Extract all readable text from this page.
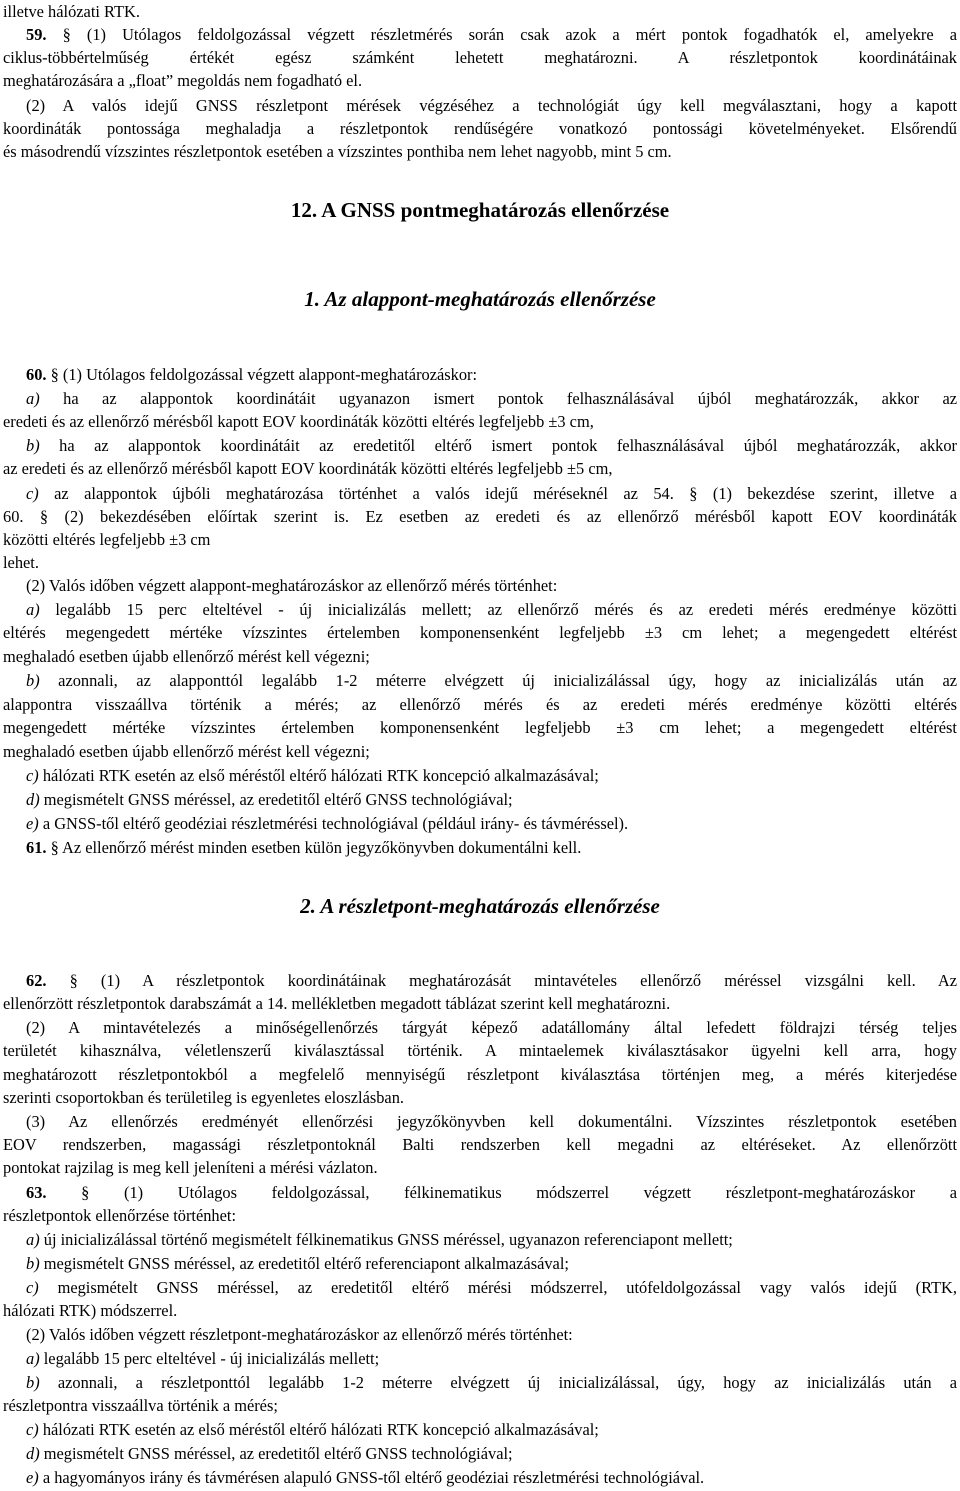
illetve hálózati RTK.
59. § (1) Utólagos feldolgozással végzett részletmérés során csak azok a mért pontok fogadhatók el, amelyekre a
ciklus-többértelműség értékét egész számként lehetett meghatározni. A részletpontok koordinátáinak
meghatározására a „float” megoldás nem fogadható el.
(2) A valós idejű GNSS részletpont mérések végzéséhez a technológiát úgy kell megválasztani, hogy a kapott
koordináták pontossága meghaladja a részletpontok rendűségére vonatkozó pontossági követelményeket. Elsőrendű
és másodrendű vízszintes részletpontok esetében a vízszintes ponthiba nem lehet nagyobb, mint 5 cm.
12. A GNSS pontmeghatározás ellenőrzése
1. Az alappont-meghatározás ellenőrzése
60. § (1) Utólagos feldolgozással végzett alappont-meghatározáskor:
a) ha az alappontok koordinátáit ugyanazon ismert pontok felhasználásával újból meghatározzák, akkor az
eredeti és az ellenőrző mérésből kapott EOV koordináták közötti eltérés legfeljebb ±3 cm,
b) ha az alappontok koordinátáit az eredetitől eltérő ismert pontok felhasználásával újból meghatározzák, akkor
az eredeti és az ellenőrző mérésből kapott EOV koordináták közötti eltérés legfeljebb ±5 cm,
c) az alappontok újbóli meghatározása történhet a valós idejű méréseknél az 54. § (1) bekezdése szerint, illetve a
60. § (2) bekezdésében előírtak szerint is. Ez esetben az eredeti és az ellenőrző mérésből kapott EOV koordináták
közötti eltérés legfeljebb ±3 cm
lehet.
(2) Valós időben végzett alappont-meghatározáskor az ellenőrző mérés történhet:
a) legalább 15 perc elteltével - új inicializálás mellett; az ellenőrző mérés és az eredeti mérés eredménye közötti
eltérés megengedett mértéke vízszintes értelemben komponensenként legfeljebb ±3 cm lehet; a megengedett eltérést
meghaladó esetben újabb ellenőrző mérést kell végezni;
b) azonnali, az alapponttól legalább 1-2 méterre elvégzett új inicializálással úgy, hogy az inicializálás után az
alappontra visszaállva történik a mérés; az ellenőrző mérés és az eredeti mérés eredménye közötti eltérés
megengedett mértéke vízszintes értelemben komponensenként legfeljebb ±3 cm lehet; a megengedett eltérést
meghaladó esetben újabb ellenőrző mérést kell végezni;
c) hálózati RTK esetén az első méréstől eltérő hálózati RTK koncepció alkalmazásával;
d) megismételt GNSS méréssel, az eredetitől eltérő GNSS technológiával;
e) a GNSS-től eltérő geodéziai részletmérési technológiával (például irány- és távméréssel).
61. § Az ellenőrző mérést minden esetben külön jegyzőkönyvben dokumentálni kell.
2. A részletpont-meghatározás ellenőrzése
62. § (1) A részletpontok koordinátáinak meghatározását mintavételes ellenőrző méréssel vizsgálni kell. Az
ellenőrzött részletpontok darabszámát a 14. mellékletben megadott táblázat szerint kell meghatározni.
(2) A mintavételezés a minőségellenőrzés tárgyát képező adatállomány által lefedett földrajzi térség teljes
területét kihasználva, véletlenszerű kiválasztással történik. A mintaelemek kiválasztásakor ügyelni kell arra, hogy
meghatározott részletpontokból a megfelelő mennyiségű részletpont kiválasztása történjen meg, a mérés kiterjedése
szerinti csoportokban és területileg is egyenletes eloszlásban.
(3) Az ellenőrzés eredményét ellenőrzési jegyzőkönyvben kell dokumentálni. Vízszintes részletpontok esetében
EOV rendszerben, magassági részletpontoknál Balti rendszerben kell megadni az eltéréseket. Az ellenőrzött
pontokat rajzilag is meg kell jeleníteni a mérési vázlaton.
63. § (1) Utólagos feldolgozással, félkinematikus módszerrel végzett részletpont-meghatározáskor a
részletpontok ellenőrzése történhet:
a) új inicializálással történő megismételt félkinematikus GNSS méréssel, ugyanazon referenciapont mellett;
b) megismételt GNSS méréssel, az eredetitől eltérő referenciapont alkalmazásával;
c) megismételt GNSS méréssel, az eredetitől eltérő mérési módszerrel, utófeldolgozással vagy valós idejű (RTK,
hálózati RTK) módszerrel.
(2) Valós időben végzett részletpont-meghatározáskor az ellenőrző mérés történhet:
a) legalább 15 perc elteltével - új inicializálás mellett;
b) azonnali, a részletponttól legalább 1-2 méterre elvégzett új inicializálással, úgy, hogy az inicializálás után a
részletpontra visszaállva történik a mérés;
c) hálózati RTK esetén az első méréstől eltérő hálózati RTK koncepció alkalmazásával;
d) megismételt GNSS méréssel, az eredetitől eltérő GNSS technológiával;
e) a hagyományos irány és távmérésen alapuló GNSS-től eltérő geodéziai részletmérési technológiával.
